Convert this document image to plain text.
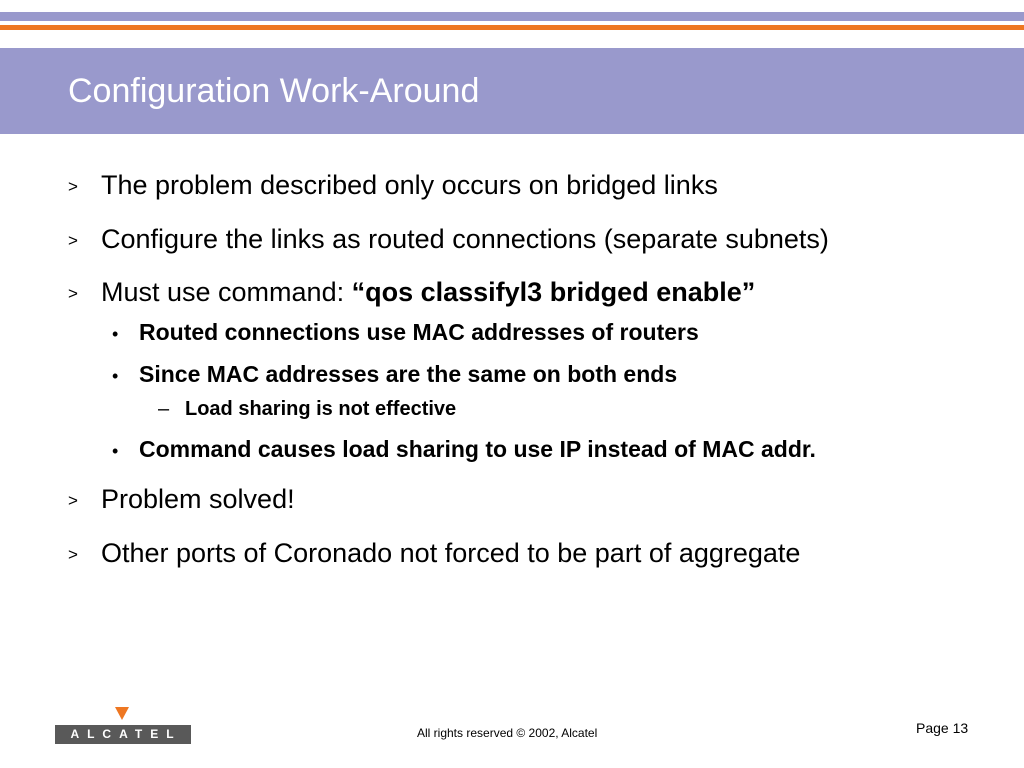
Configuration Work-Around
> The problem described only occurs on bridged links
> Configure the links as routed connections (separate subnets)
> Must use command: “qos classifyl3 bridged enable”
• Routed connections use MAC addresses of routers
• Since MAC addresses are the same on both ends
– Load sharing is not effective
• Command causes load sharing to use IP instead of MAC addr.
> Problem solved!
> Other ports of Coronado not forced to be part of aggregate
ALCATEL	All rights reserved © 2002, Alcatel	Page 13
